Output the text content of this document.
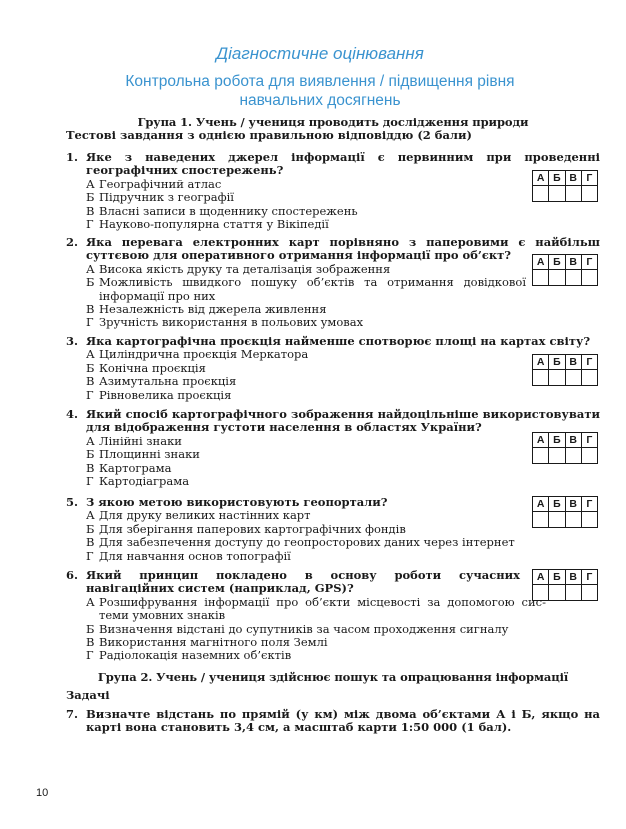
Діагностичне оцінювання
Контрольна робота для виявлення / підвищення рівня навчальних досягнень
Група 1. Учень / учениця проводить дослідження природи
Тестові завдання з однією правильною відповіддю (2 бали)
1. Яке з наведених джерел інформації є первинним при проведенні географічних спостережень?
А Географічний атлас
Б Підручник з географії
В Власні записи в щоденнику спостережень
Г Науково-популярна стаття у Вікіпедії
А	Б	В	Г

2. Яка перевага електронних карт порівняно з паперовими є найбільш суттєвою для оперативного отримання інформації про об’єкт?
А Висока якість друку та деталізація зображення
Б Можливість швидкого пошуку об’єктів та отримання довідкової інформації про них
В Незалежність від джерела живлення
Г Зручність використання в польових умовах
А	Б	В	Г

3. Яка картографічна проєкція найменше спотворює площі на картах світу?
А Циліндрична проєкція Меркатора
Б Конічна проєкція
В Азимутальна проєкція
Г Рівновелика проєкція
А	Б	В	Г

4. Який спосіб картографічного зображення найдоцільніше використовувати для відображення густоти населення в областях України?
А Лінійні знаки
Б Площинні знаки
В Картограма
Г Картодіаграма
А	Б	В	Г

5. З якою метою використовують геопортали?
А Для друку великих настінних карт
Б Для зберігання паперових картографічних фондів
В Для забезпечення доступу до геопросторових даних через інтернет
Г Для навчання основ топографії
А	Б	В	Г

6. Який принцип покладено в основу роботи сучасних навігаційних систем (наприклад, GPS)?
А Розшифрування інформації про об’єкти місцевості за допомогою системи умовних знаків
Б Визначення відстані до супутників за часом проходження сигналу
В Використання магнітного поля Землі
Г Радіолокація наземних об’єктів
А	Б	В	Г

Група 2. Учень / учениця здійснює пошук та опрацювання інформації
Задачі
7. Визначте відстань по прямій (у км) між двома об’єктами А і Б, якщо на карті вона становить 3,4 см, а масштаб карти 1:50 000 (1 бал).
10
